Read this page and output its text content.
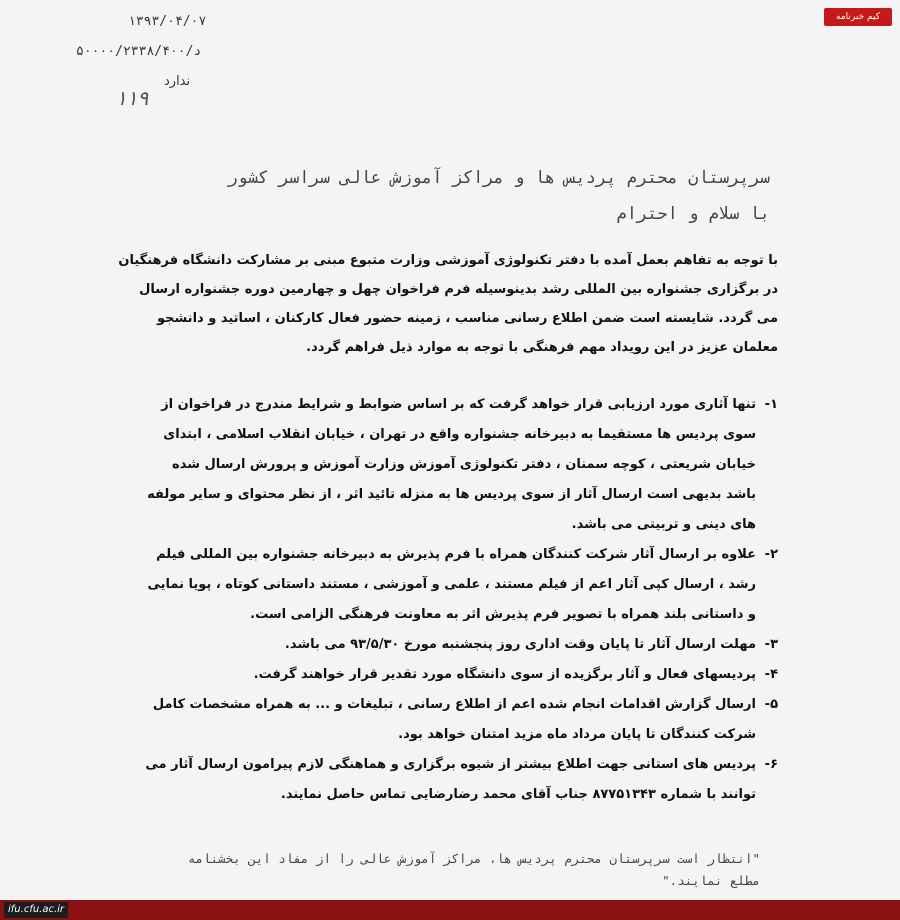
کیم خبرنامه
۱۳۹۳/۰۴/۰۷
د/۵۰۰۰۰/۲۳۳۸/۴۰۰
ندارد
۱۱۹
سرپرستان محترم پردیس ها و مراکز آموزش عالی سراسر کشور
با سلام و احترام
با توجه به تفاهم بعمل آمده با دفتر تکنولوژی آموزشی وزارت متبوع مبنی بر مشارکت دانشگاه فرهنگیان در برگزاری جشنواره بین المللی رشد بدینوسیله فرم فراخوان چهل و چهارمین دوره جشنواره ارسال می گردد. شایسته است ضمن اطلاع رسانی مناسب ، زمینه حضور فعال کارکنان ، اساتید و دانشجو معلمان عزیز در این رویداد مهم فرهنگی با توجه به موارد ذیل فراهم گردد.
۱-
تنها آثاری مورد ارزیابی قرار خواهد گرفت که بر اساس ضوابط و شرایط مندرج در فراخوان از سوی پردیس ها مستقیما به دبیرخانه جشنواره واقع در تهران ، خیابان انقلاب اسلامی ، ابتدای خیابان شریعتی ، کوچه سمنان ، دفتر تکنولوژی آموزش وزارت آموزش و پرورش ارسال شده باشد بدیهی است ارسال آثار از سوی پردیس ها به منزله تائید اثر ، از نظر محتوای و سایر مولفه های دینی و تربیتی می باشد.
۲-
علاوه بر ارسال آثار شرکت کنندگان همراه با فرم پذیرش به دبیرخانه جشنواره بین المللی فیلم رشد ، ارسال کپی آثار اعم از فیلم مستند ، علمی و آموزشی ، مستند داستانی کوتاه ، پویا نمایی و داستانی بلند همراه با تصویر فرم پذیرش اثر به معاونت فرهنگی الزامی است.
۳-
مهلت ارسال آثار تا پایان وقت اداری روز پنجشنبه مورخ ۹۳/۵/۳۰ می باشد.
۴-
پردیسهای فعال و آثار برگزیده از سوی دانشگاه مورد تقدیر قرار خواهند گرفت.
۵-
ارسال گزارش اقدامات انجام شده اعم از اطلاع رسانی ، تبلیغات و ... به همراه مشخصات کامل شرکت کنندگان تا پایان مرداد ماه مزید امتنان خواهد بود.
۶-
پردیس های استانی جهت اطلاع بیشتر از شیوه برگزاری و هماهنگی لازم پیرامون ارسال آثار می توانند با شماره ۸۷۷۵۱۳۴۳ جناب آقای محمد رضارضایی تماس حاصل نمایند.
"انتظار است سرپرستان محترم پردیس ها، مراکز آموزش عالی را از مفاد این بخشنامه مطلع نمایند."
ifu.cfu.ac.ir
